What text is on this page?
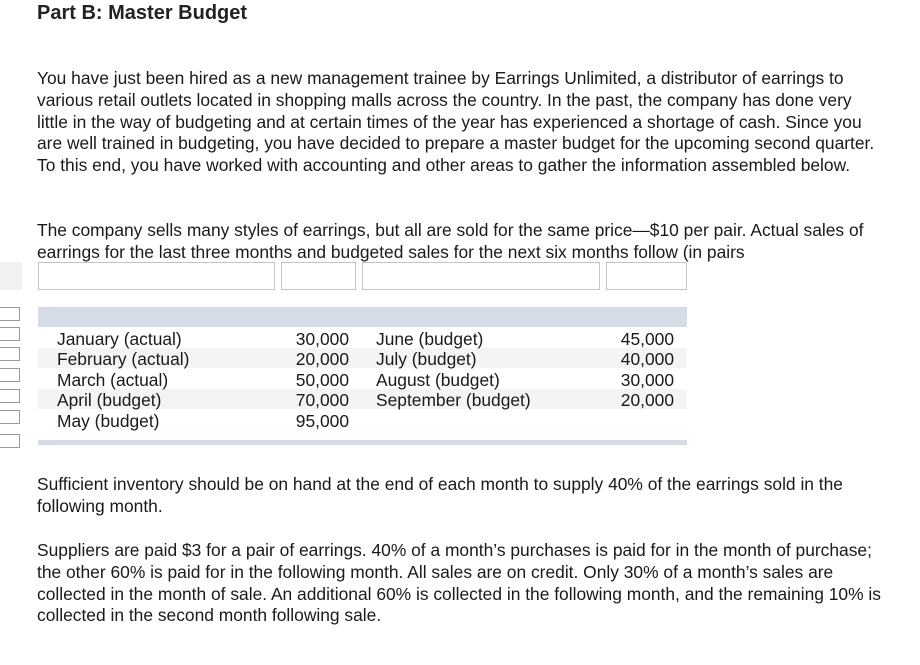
Part B: Master Budget

You have just been hired as a new management trainee by Earrings Unlimited, a distributor of earrings to various retail outlets located in shopping malls across the country. In the past, the company has done very little in the way of budgeting and at certain times of the year has experienced a shortage of cash. Since you are well trained in budgeting, you have decided to prepare a master budget for the upcoming second quarter. To this end, you have worked with accounting and other areas to gather the information assembled below.

The company sells many styles of earrings, but all are sold for the same price—$10 per pair. Actual sales of earrings for the last three months and budgeted sales for the next six months follow (in pairs

January (actual)	30,000 June (budget)	45,000
February (actual)	20,000 July (budget)	40,000
March (actual)	50,000 August (budget)	30,000
April (budget)	70,000 September (budget)	20,000
May (budget)	95,000

Sufficient inventory should be on hand at the end of each month to supply 40% of the earrings sold in the following month.

Suppliers are paid $3 for a pair of earrings. 40% of a month’s purchases is paid for in the month of purchase; the other 60% is paid for in the following month. All sales are on credit. Only 30% of a month’s sales are collected in the month of sale. An additional 60% is collected in the following month, and the remaining 10% is collected in the second month following sale.
